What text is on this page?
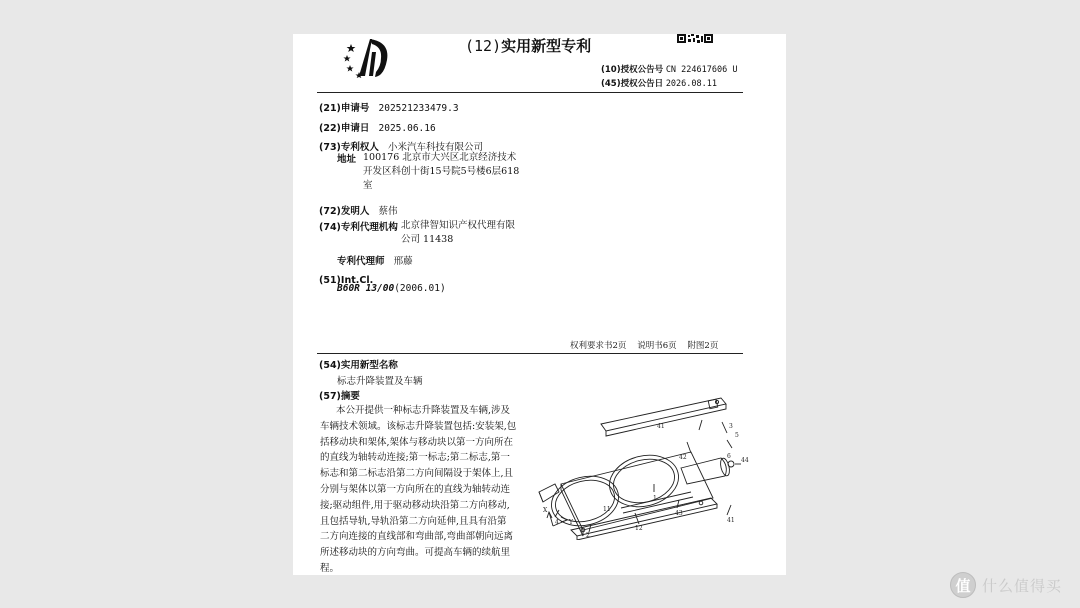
(12)实用新型专利
(10)授权公告号 CN 224617606 U
(45)授权公告日 2026.08.11
(21)申请号 202521233479.3
(22)申请日 2025.06.16
(73)专利权人 小米汽车科技有限公司
地址 100176 北京市大兴区北京经济技术
开发区科创十街15号院5号楼6层618
室
(72)发明人 蔡伟
(74)专利代理机构 北京律智知识产权代理有限
公司 11438
专利代理师 邢藤
(51)Int.Cl.
B60R 13/00(2006.01)
权利要求书2页    说明书6页    附图2页
(54)实用新型名称
标志升降装置及车辆
(57)摘要
本公开提供一种标志升降装置及车辆,涉及
车辆技术领域。该标志升降装置包括:安装架,包
括移动块和架体,架体与移动块以第一方向所在
的直线为轴转动连接;第一标志;第二标志,第一
标志和第二标志沿第二方向间隔设于架体上,且
分别与架体以第一方向所在的直线为轴转动连
接;驱动组件,用于驱动移动块沿第二方向移动,
且包括导轨,导轨沿第二方向延伸,且具有沿第
二方向连接的直线部和弯曲部,弯曲部朝向远离
所述移动块的方向弯曲。可提高车辆的续航里
程。
41	3
5
42	6
44
1
2
43
12
41
11
4 Y
X
值 什么值得买
